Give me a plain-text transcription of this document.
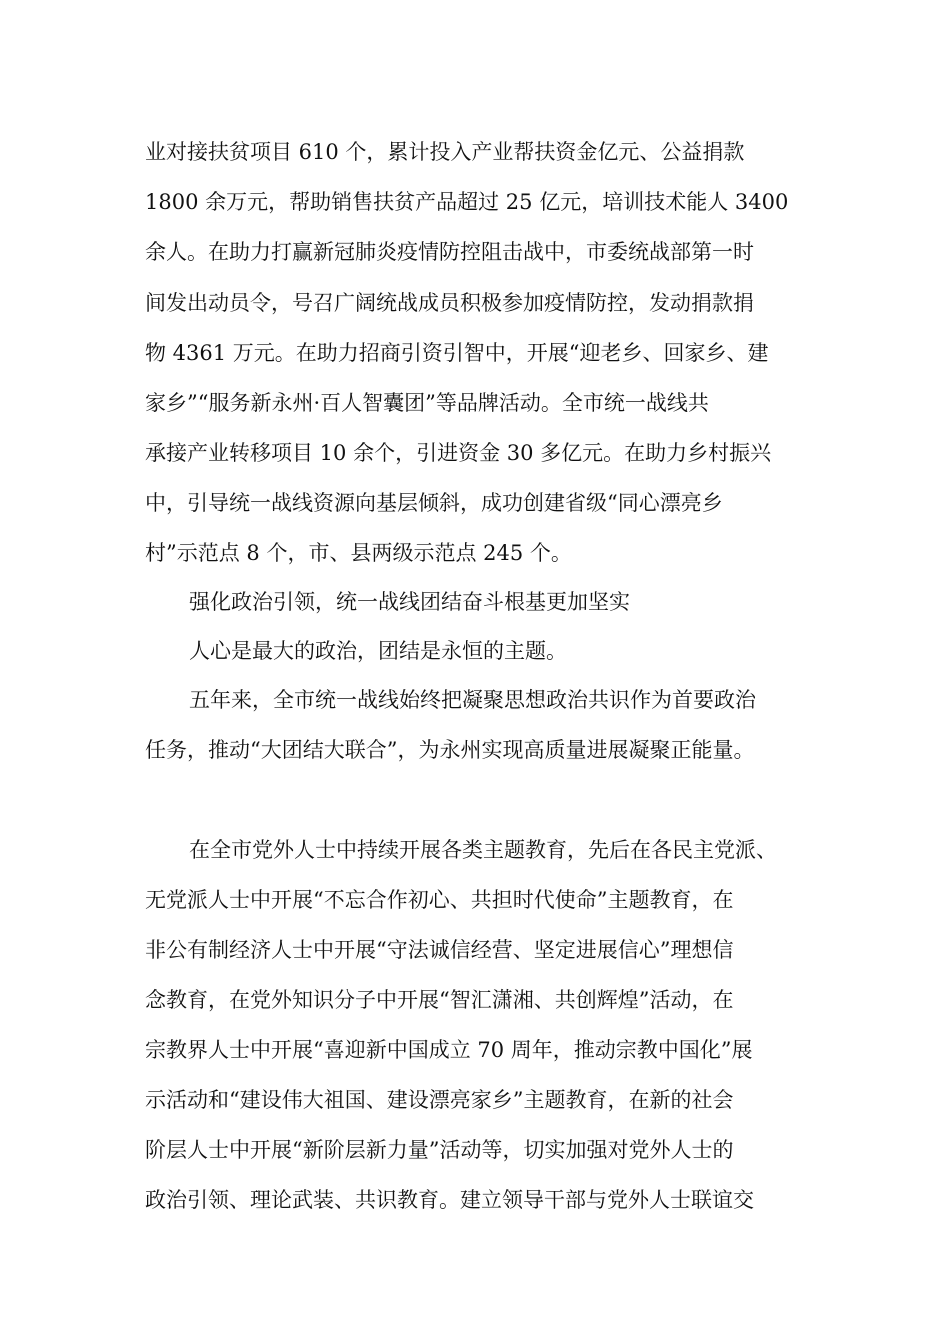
业对接扶贫项目 610 个，累计投入产业帮扶资金亿元、公益捐款

1800 余万元，帮助销售扶贫产品超过 25 亿元，培训技术能人 3400

余人。在助力打赢新冠肺炎疫情防控阻击战中，市委统战部第一时

间发出动员令，号召广阔统战成员积极参加疫情防控，发动捐款捐

物 4361 万元。在助力招商引资引智中，开展“迎老乡、回家乡、建

家乡”“服务新永州·百人智囊团”等品牌活动。全市统一战线共

承接产业转移项目 10 余个，引进资金 30 多亿元。在助力乡村振兴

中，引导统一战线资源向基层倾斜，成功创建省级“同心漂亮乡

村”示范点 8 个，市、县两级示范点 245 个。

强化政治引领，统一战线团结奋斗根基更加坚实

人心是最大的政治，团结是永恒的主题。

五年来，全市统一战线始终把凝聚思想政治共识作为首要政治

任务，推动“大团结大联合”，为永州实现高质量进展凝聚正能量。

在全市党外人士中持续开展各类主题教育，先后在各民主党派、

无党派人士中开展“不忘合作初心、共担时代使命”主题教育，在

非公有制经济人士中开展“守法诚信经营、坚定进展信心”理想信

念教育，在党外知识分子中开展“智汇潇湘、共创辉煌”活动，在

宗教界人士中开展“喜迎新中国成立 70 周年，推动宗教中国化”展

示活动和“建设伟大祖国、建设漂亮家乡”主题教育，在新的社会

阶层人士中开展“新阶层新力量”活动等，切实加强对党外人士的

政治引领、理论武装、共识教育。建立领导干部与党外人士联谊交
